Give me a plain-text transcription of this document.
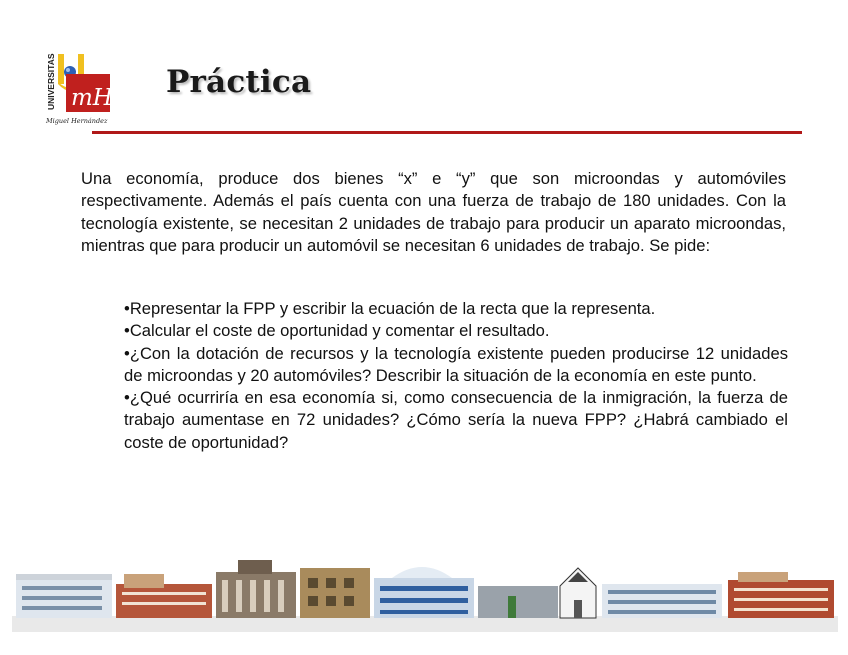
UNIVERSITAS mH
Miguel Hernández
Práctica

Una economía, produce dos bienes “x” e “y” que son microondas y automóviles respectivamente. Además el país cuenta con una fuerza de trabajo de 180 unidades. Con la tecnología existente, se necesitan 2 unidades de trabajo para producir un aparato microondas, mientras que para producir un automóvil se necesitan 6 unidades de trabajo. Se pide:

• Representar la FPP y escribir la ecuación de la recta que la representa.
• Calcular el coste de oportunidad y comentar el resultado.
• ¿Con la dotación de recursos y la tecnología existente pueden producirse 12 unidades de microondas y 20 automóviles? Describir la situación de la economía en este punto.
• ¿Qué ocurriría en esa economía si, como consecuencia de la inmigración, la fuerza de trabajo aumentase en 72 unidades? ¿Cómo sería la nueva FPP? ¿Habrá cambiado el coste de oportunidad?
